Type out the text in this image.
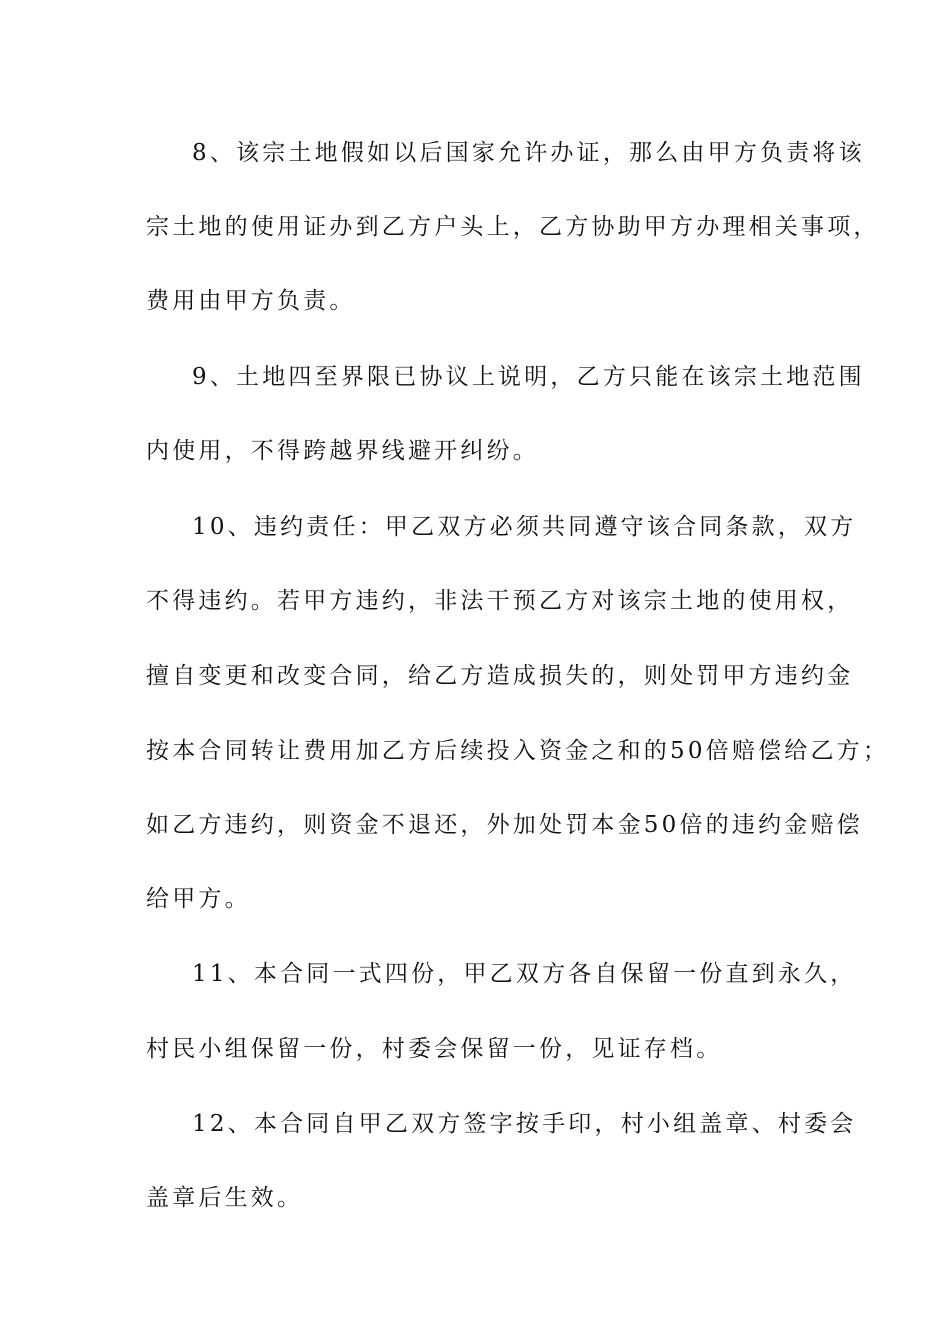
8、该宗土地假如以后国家允许办证，那么由甲方负责将该
宗土地的使用证办到乙方户头上，乙方协助甲方办理相关事项，
费用由甲方负责。
9、土地四至界限已协议上说明，乙方只能在该宗土地范围
内使用，不得跨越界线避开纠纷。
10、违约责任：甲乙双方必须共同遵守该合同条款，双方
不得违约。若甲方违约，非法干预乙方对该宗土地的使用权，
擅自变更和改变合同，给乙方造成损失的，则处罚甲方违约金
按本合同转让费用加乙方后续投入资金之和的50倍赔偿给乙方；
如乙方违约，则资金不退还，外加处罚本金50倍的违约金赔偿
给甲方。
11、本合同一式四份，甲乙双方各自保留一份直到永久，
村民小组保留一份，村委会保留一份，见证存档。
12、本合同自甲乙双方签字按手印，村小组盖章、村委会
盖章后生效。
